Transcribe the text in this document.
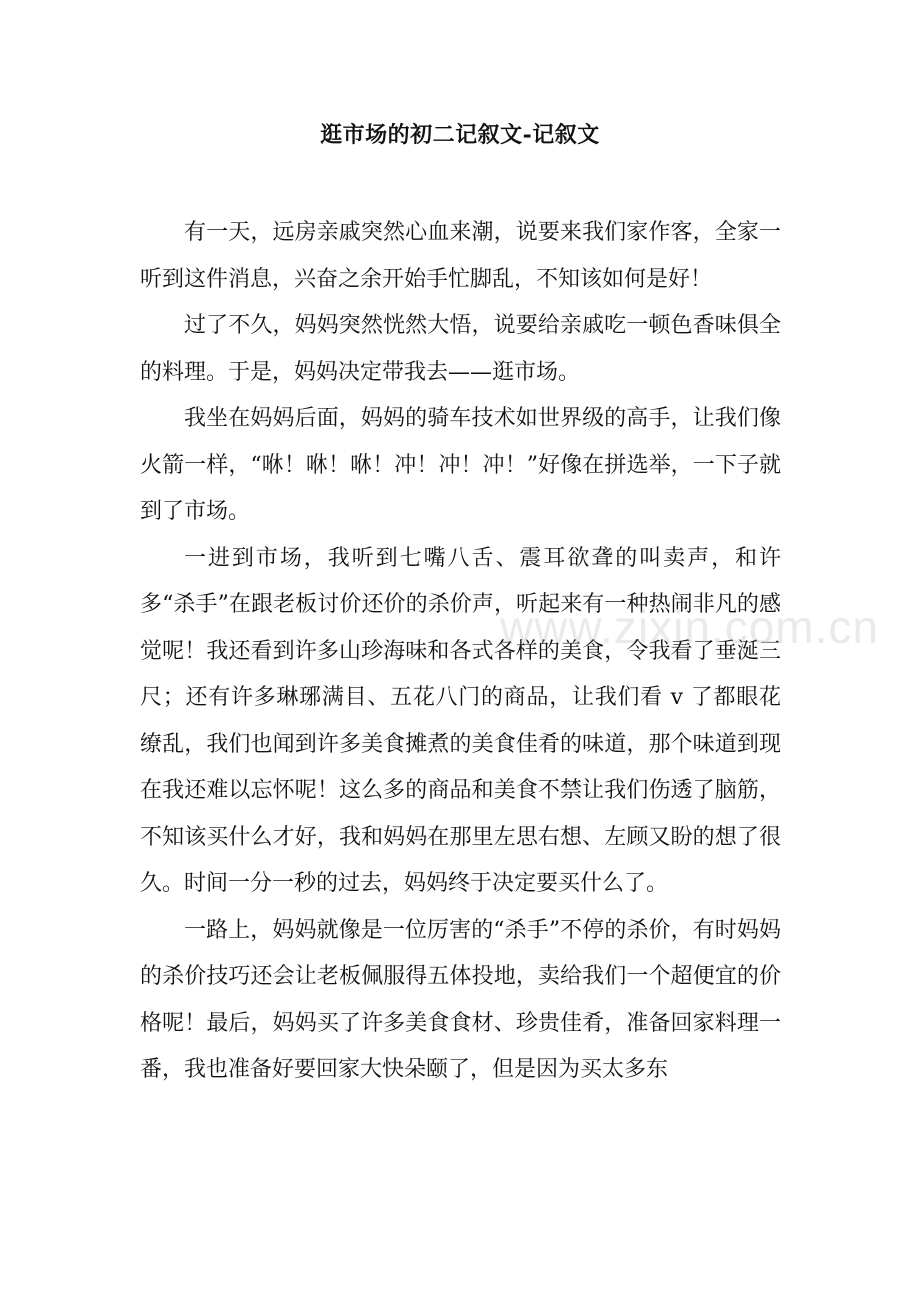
逛市场的初二记叙文-记叙文

有一天，远房亲戚突然心血来潮，说要来我们家作客，全家一听到这件消息，兴奋之余开始手忙脚乱，不知该如何是好！

过了不久，妈妈突然恍然大悟，说要给亲戚吃一顿色香味俱全的料理。于是，妈妈决定带我去——逛市场。

我坐在妈妈后面，妈妈的骑车技术如世界级的高手，让我们像火箭一样，“咻！咻！咻！冲！冲！冲！”好像在拼选举，一下子就到了市场。

一进到市场，我听到七嘴八舌、震耳欲聋的叫卖声，和许多“杀手”在跟老板讨价还价的杀价声，听起来有一种热闹非凡的感觉呢！我还看到许多山珍海味和各式各样的美食，令我看了垂涎三尺；还有许多琳琊满目、五花八门的商品，让我们看 v 了都眼花缭乱，我们也闻到许多美食摊煮的美食佳肴的味道，那个味道到现在我还难以忘怀呢！这么多的商品和美食不禁让我们伤透了脑筋，不知该买什么才好，我和妈妈在那里左思右想、左顾又盼的想了很久。时间一分一秒的过去，妈妈终于决定要买什么了。

一路上，妈妈就像是一位厉害的“杀手”不停的杀价，有时妈妈的杀价技巧还会让老板佩服得五体投地，卖给我们一个超便宜的价格呢！最后，妈妈买了许多美食食材、珍贵佳肴，准备回家料理一番，我也准备好要回家大快朵颐了，但是因为买太多东

www.zixin.com.cn
